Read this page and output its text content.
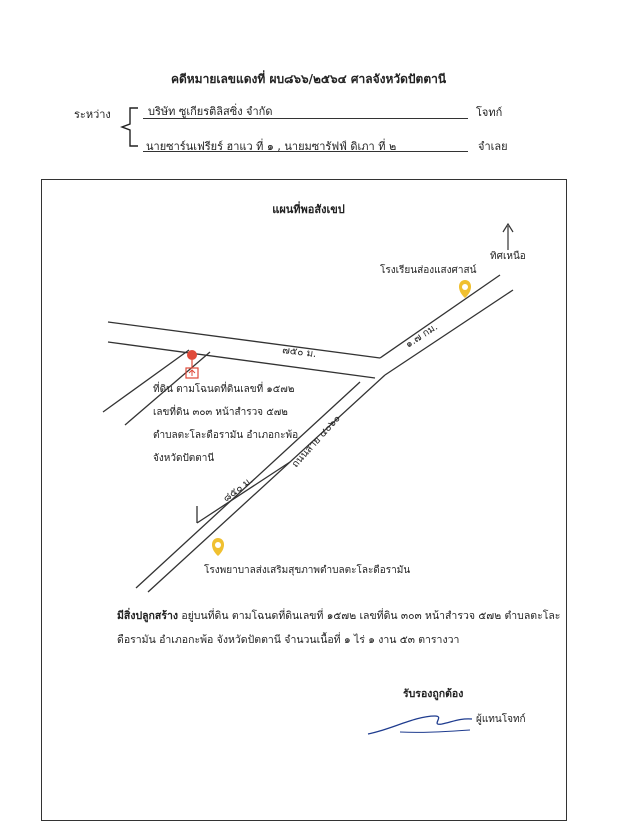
คดีหมายเลขแดงที่ ผบ๘๖๖/๒๕๖๔ ศาลจังหวัดปัตตานี
ระหว่าง	บริษัท ซูเกียรติลิสซิ่ง จำกัด	โจทก์
นายซาร์นเฟรียร์ ฮาแว ที่ ๑ , นายมซารัฟฟ์ ดิเภา ที่ ๒	จำเลย
แผนที่พอสังเขป
ทิศเหนือ
โรงเรียนส่องแสงศาสน์
๗๕๐ ม.
๑.๗ กม.
ถนนสาย ๔๐๖๐
๘๕๐ ม.
โรงพยาบาลส่งเสริมสุขภาพตำบลตะโละดือรามัน
ที่ดิน ตามโฉนดที่ดินเลขที่ ๑๕๗๒
เลขที่ดิน ๓๐๓ หน้าสำรวจ ๕๗๒
ตำบลตะโละดือรามัน อำเภอกะพ้อ
จังหวัดปัตตานี
มีสิ่งปลูกสร้าง อยู่บนที่ดิน ตามโฉนดที่ดินเลขที่ ๑๕๗๒ เลขที่ดิน ๓๐๓ หน้าสำรวจ ๕๗๒ ตำบลตะโละดือรามัน อำเภอกะพ้อ จังหวัดปัตตานี จำนวนเนื้อที่ ๑ ไร่ ๑ งาน ๕๓ ตารางวา
รับรองถูกต้อง
ผู้แทนโจทก์
